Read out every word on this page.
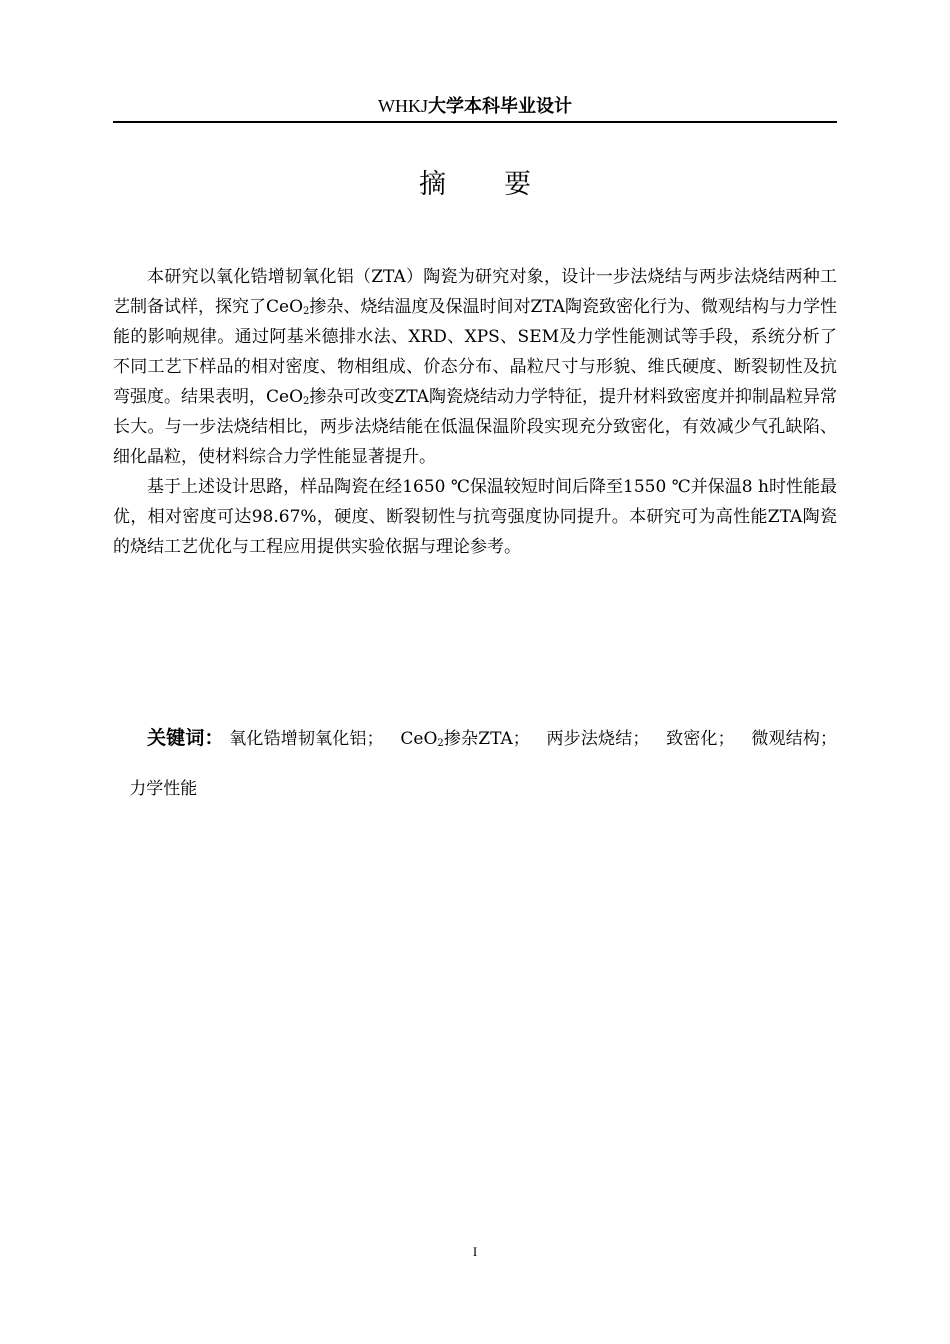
WHKJ大学本科毕业设计
摘要

本研究以氧化锆增韧氧化铝（ZTA）陶瓷为研究对象，设计一步法烧结与两步法烧结两种工艺制备试样，探究了CeO$_2$掺杂、烧结温度及保温时间对ZTA陶瓷致密化行为、微观结构与力学性能的影响规律。通过阿基米德排水法、XRD、XPS、SEM及力学性能测试等手段，系统分析了不同工艺下样品的相对密度、物相组成、价态分布、晶粒尺寸与形貌、维氏硬度、断裂韧性及抗弯强度。结果表明，CeO$_2$掺杂可改变ZTA陶瓷烧结动力学特征，提升材料致密度并抑制晶粒异常长大。与一步法烧结相比，两步法烧结能在低温保温阶段实现充分致密化，有效减少气孔缺陷、细化晶粒，使材料综合力学性能显著提升。

基于上述设计思路，样品陶瓷在经1650 ℃保温较短时间后降至1550 ℃并保温8 h时性能最优，相对密度可达98.67%，硬度、断裂韧性与抗弯强度协同提升。本研究可为高性能ZTA陶瓷的烧结工艺优化与工程应用提供实验依据与理论参考。

关键词： 氧化锆增韧氧化铝； CeO$_2$掺杂ZTA； 两步法烧结； 致密化； 微观结构；   力学性能
I
